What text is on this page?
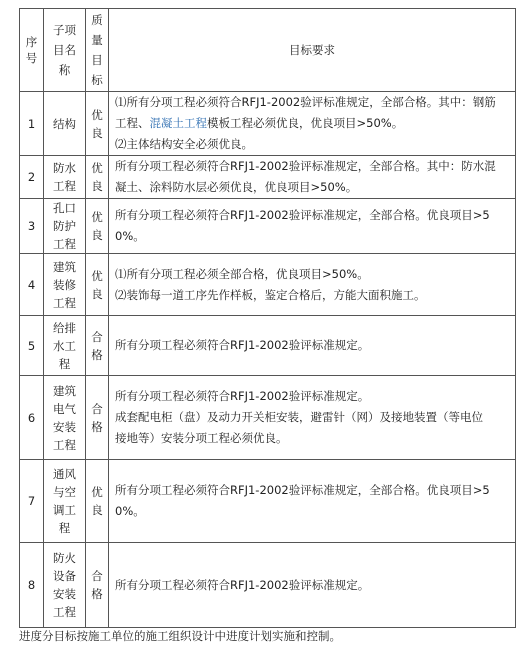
序号	子项目名称	质量目标	目标要求
1	结构	优良	⑴所有分项工程必须符合RFJ1-2002验评标准规定，全部合格。其中：钢筋
工程、混凝土工程模板工程必须优良，优良项目>50%。
⑵主体结构安全必须优良。

2	防水工程	优良	所有分项工程必须符合RFJ1-2002验评标准规定，全部合格。其中：防水混
凝土、涂料防水层必须优良，优良项目>50%。

3	孔口防护工程	优良	所有分项工程必须符合RFJ1-2002验评标准规定，全部合格。优良项目>5
0%。

4	建筑装修工程	优良	⑴所有分项工程必须全部合格，优良项目>50%。
⑵装饰每一道工序先作样板，鉴定合格后，方能大面积施工。

5	给排水工程	合格	所有分项工程必须符合RFJ1-2002验评标准规定。

6	建筑电气安装工程	合格	所有分项工程必须符合RFJ1-2002验评标准规定。
成套配电柜（盘）及动力开关柜安装，避雷针（网）及接地装置（等电位
接地等）安装分项工程必须优良。

7	通风与空调工程	优良	所有分项工程必须符合RFJ1-2002验评标准规定，全部合格。优良项目>5
0%。

8	防火设备安装工程	合格	所有分项工程必须符合RFJ1-2002验评标准规定。
进度分目标按施工单位的施工组织设计中进度计划实施和控制。
